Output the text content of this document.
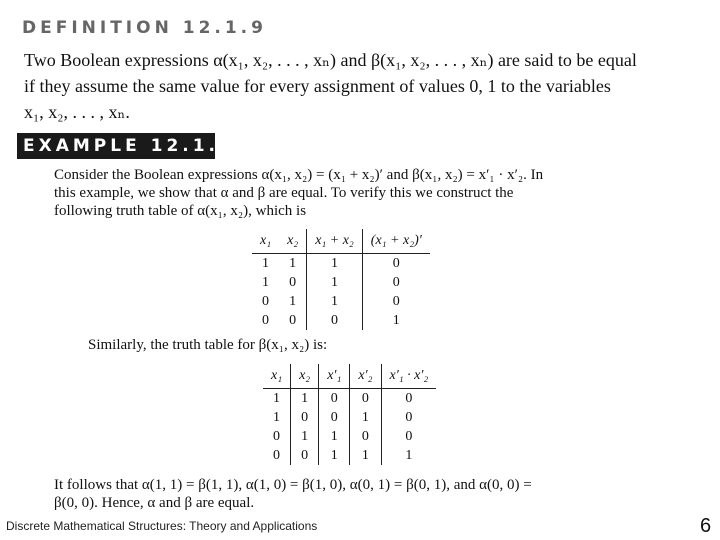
DEFINITION 12.1.9
Two Boolean expressions α(x₁, x₂, . . . , xₙ) and β(x₁, x₂, . . . , xₙ) are said to be equal
if they assume the same value for every assignment of values 0, 1 to the variables
x₁, x₂, . . . , xₙ.
EXAMPLE 12.1.10
Consider the Boolean expressions α(x₁, x₂) = (x₁ + x₂)′ and β(x₁, x₂) = x′₁ · x′₂. In
this example, we show that α and β are equal. To verify this we construct the
following truth table of α(x₁, x₂), which is
x₁	x₂	x₁ + x₂	(x₁ + x₂)′
1	1	1	0
1	0	1	0
0	1	1	0
0	0	0	1
Similarly, the truth table for β(x₁, x₂) is:
x₁	x₂	x′₁	x′₂	x′₁ · x′₂
1	1	0	0	0
1	0	0	1	0
0	1	1	0	0
0	0	1	1	1
It follows that α(1, 1) = β(1, 1), α(1, 0) = β(1, 0), α(0, 1) = β(0, 1), and α(0, 0) =
β(0, 0). Hence, α and β are equal.
Discrete Mathematical Structures: Theory and Applications	6
